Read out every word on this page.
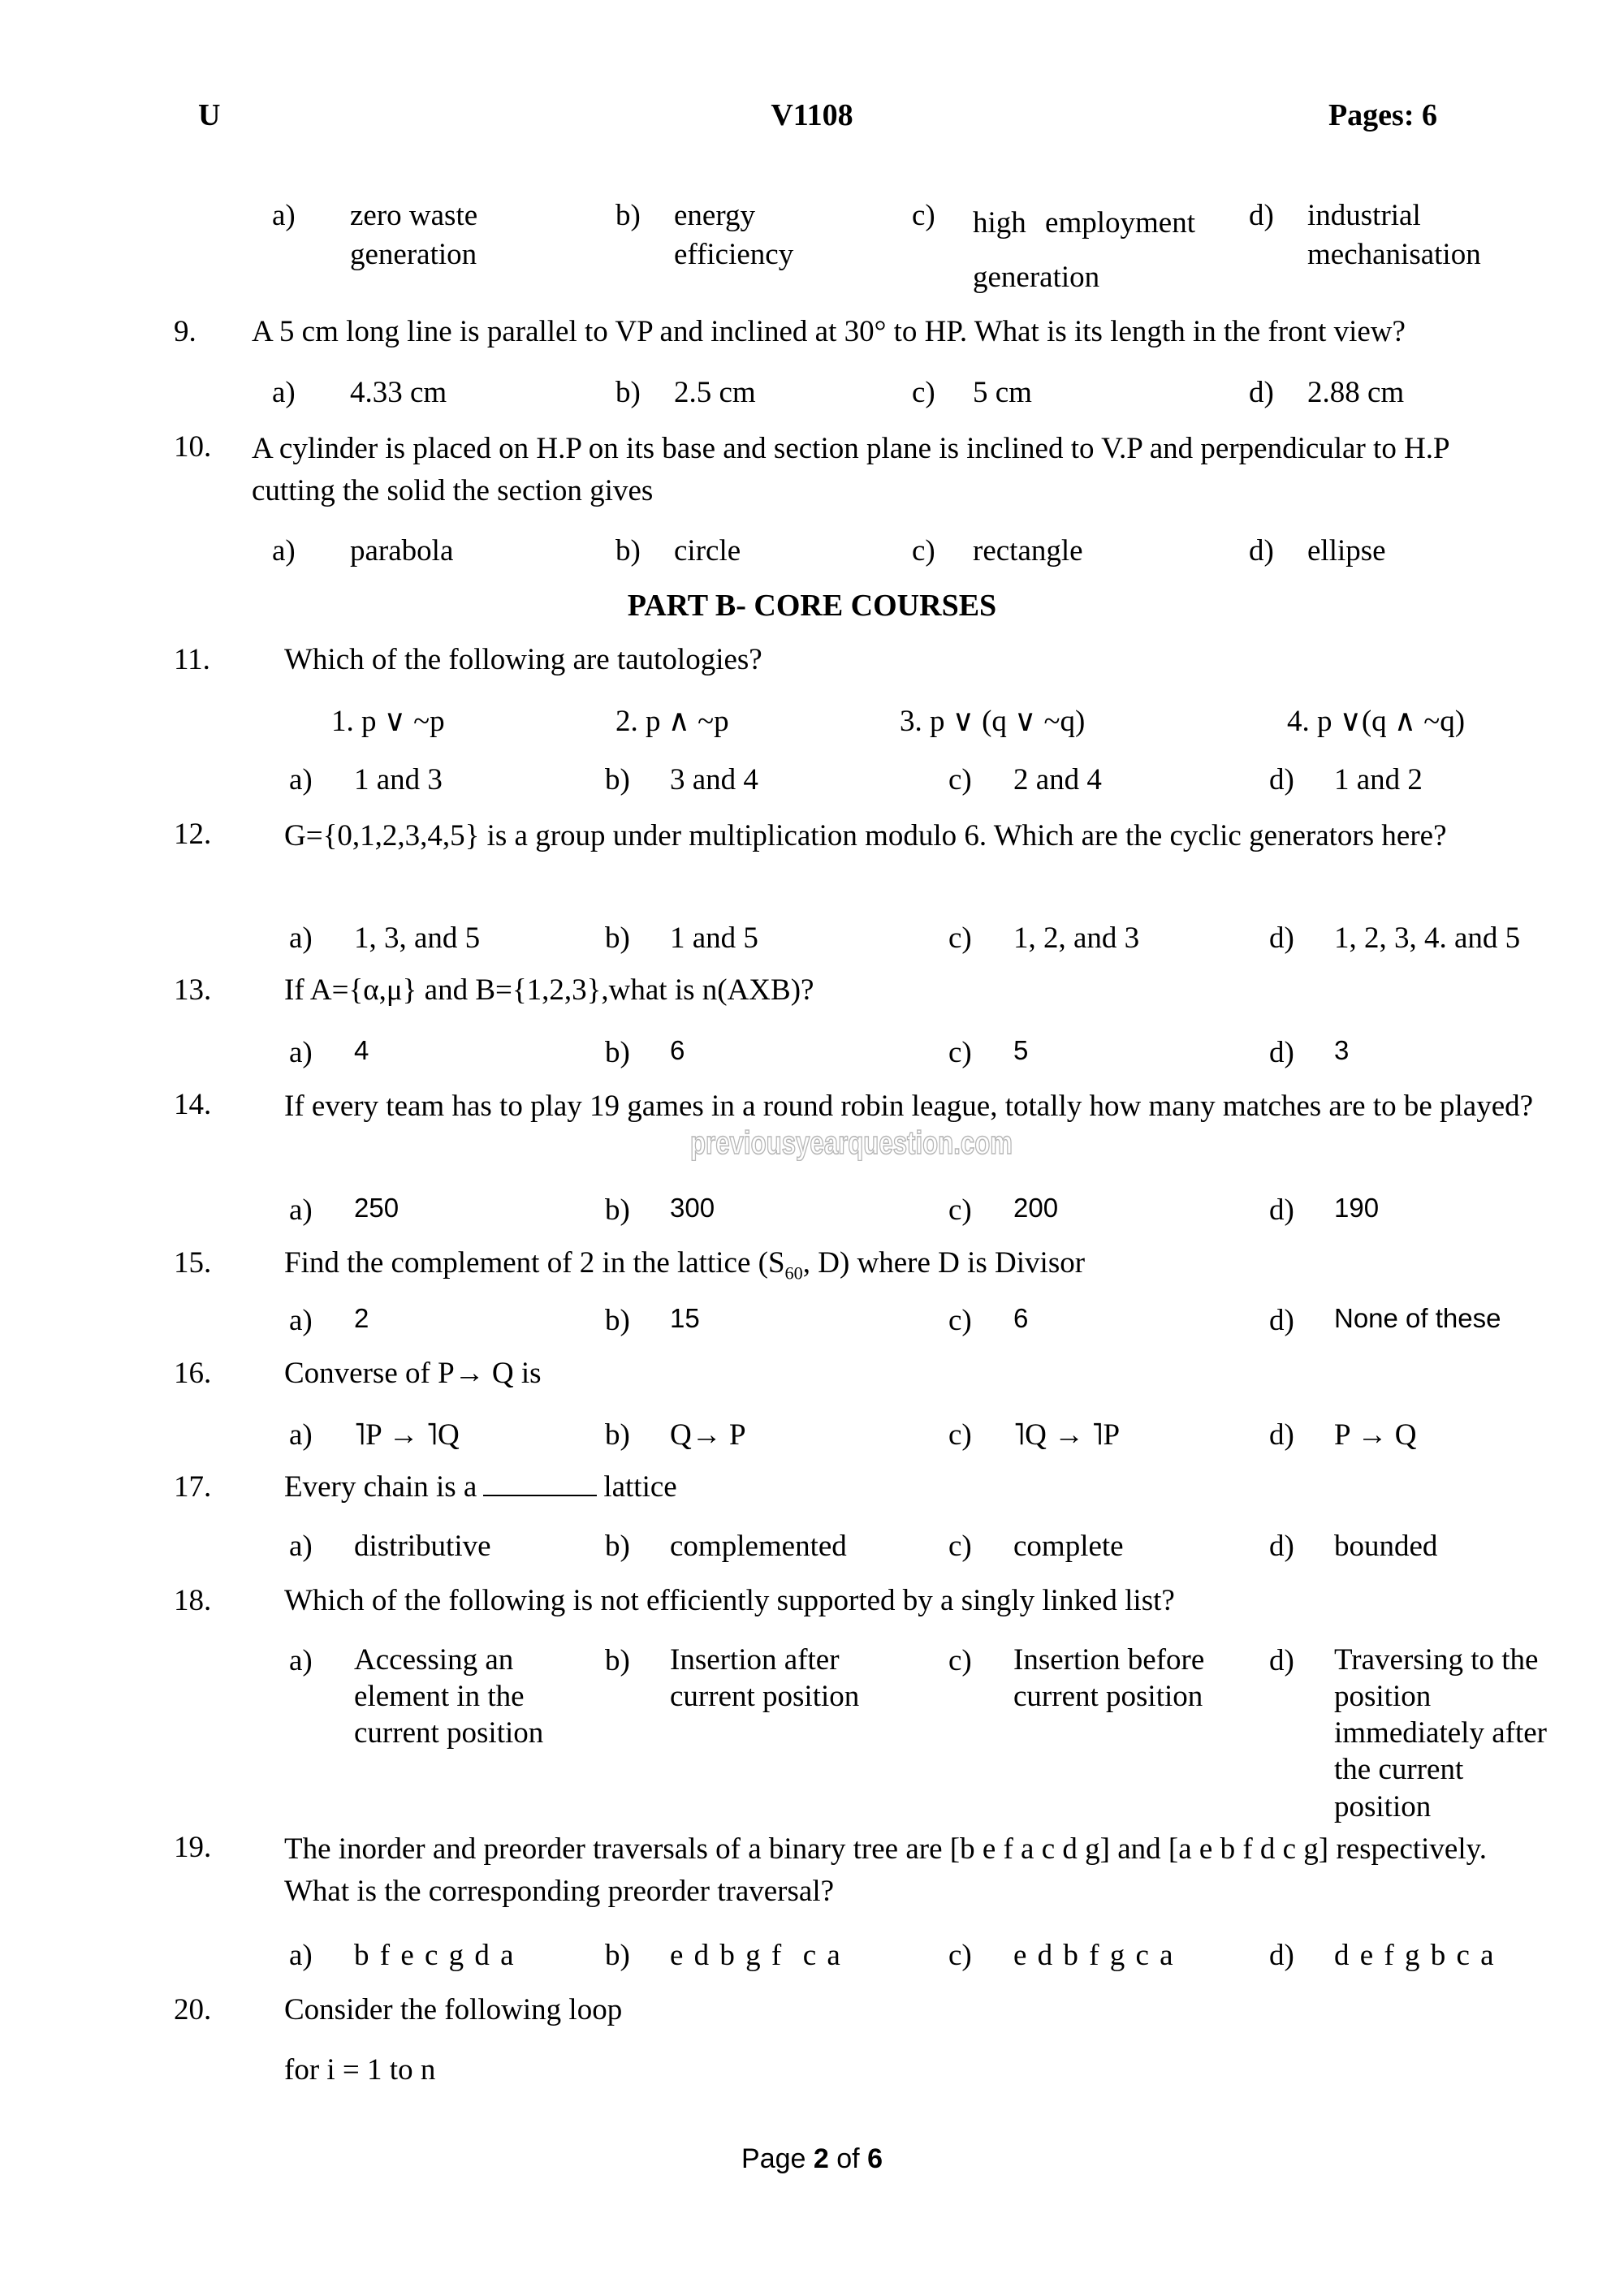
U	V1108	Pages: 6
a) zero waste generation
b) energy efficiency
c) high employment generation
d) industrial mechanisation
9. A 5 cm long line is parallel to VP and inclined at 30° to HP. What is its length in the front view?
a) 4.33 cm	b) 2.5 cm	c) 5 cm	d) 2.88 cm
10. A cylinder is placed on H.P on its base and section plane is inclined to V.P and perpendicular to H.P cutting the solid the section gives
a) parabola	b) circle	c) rectangle	d) ellipse
PART B- CORE COURSES
11. Which of the following are tautologies?
1. p ∨ ~p	2. p ∧ ~p	3. p ∨ (q ∨ ~q)	4. p ∨(q ∧ ~q)
a) 1 and 3	b) 3 and 4	c) 2 and 4	d) 1 and 2
12. G={0,1,2,3,4,5} is a group under multiplication modulo 6. Which are the cyclic generators here?
a) 1, 3, and 5	b) 1 and 5	c) 1, 2, and 3	d) 1, 2, 3, 4. and 5
13. If A={α,μ} and B={1,2,3},what is n(AXB)?
a) 4	b) 6	c) 5	d) 3
14. If every team has to play 19 games in a round robin league, totally how many matches are to be played?
previousyearquestion.com
a) 250	b) 300	c) 200	d) 190
15. Find the complement of 2 in the lattice ($S_{60}$, D) where D is Divisor
a) 2	b) 15	c) 6	d) None of these
16. Converse of P→ Q is
a) ˥P → ˥Q	b) Q→ P	c) ˥Q → ˥P	d) P → Q
17. Every chain is a	lattice
a) distributive	b) complemented	c) complete	d) bounded
18. Which of the following is not efficiently supported by a singly linked list?
a) Accessing an element in the current position
b) Insertion after current position
c) Insertion before current position
d) Traversing to the position immediately after the current position
19. The inorder and preorder traversals of a binary tree are [b e f a c d g] and [a e b f d c g] respectively. What is the corresponding preorder traversal?
a) b f e c g d a	b) e d b g f  c a	c) e d b f g c a	d) d e f g b c a
20. Consider the following loop
for i = 1 to n
Page 2 of 6
